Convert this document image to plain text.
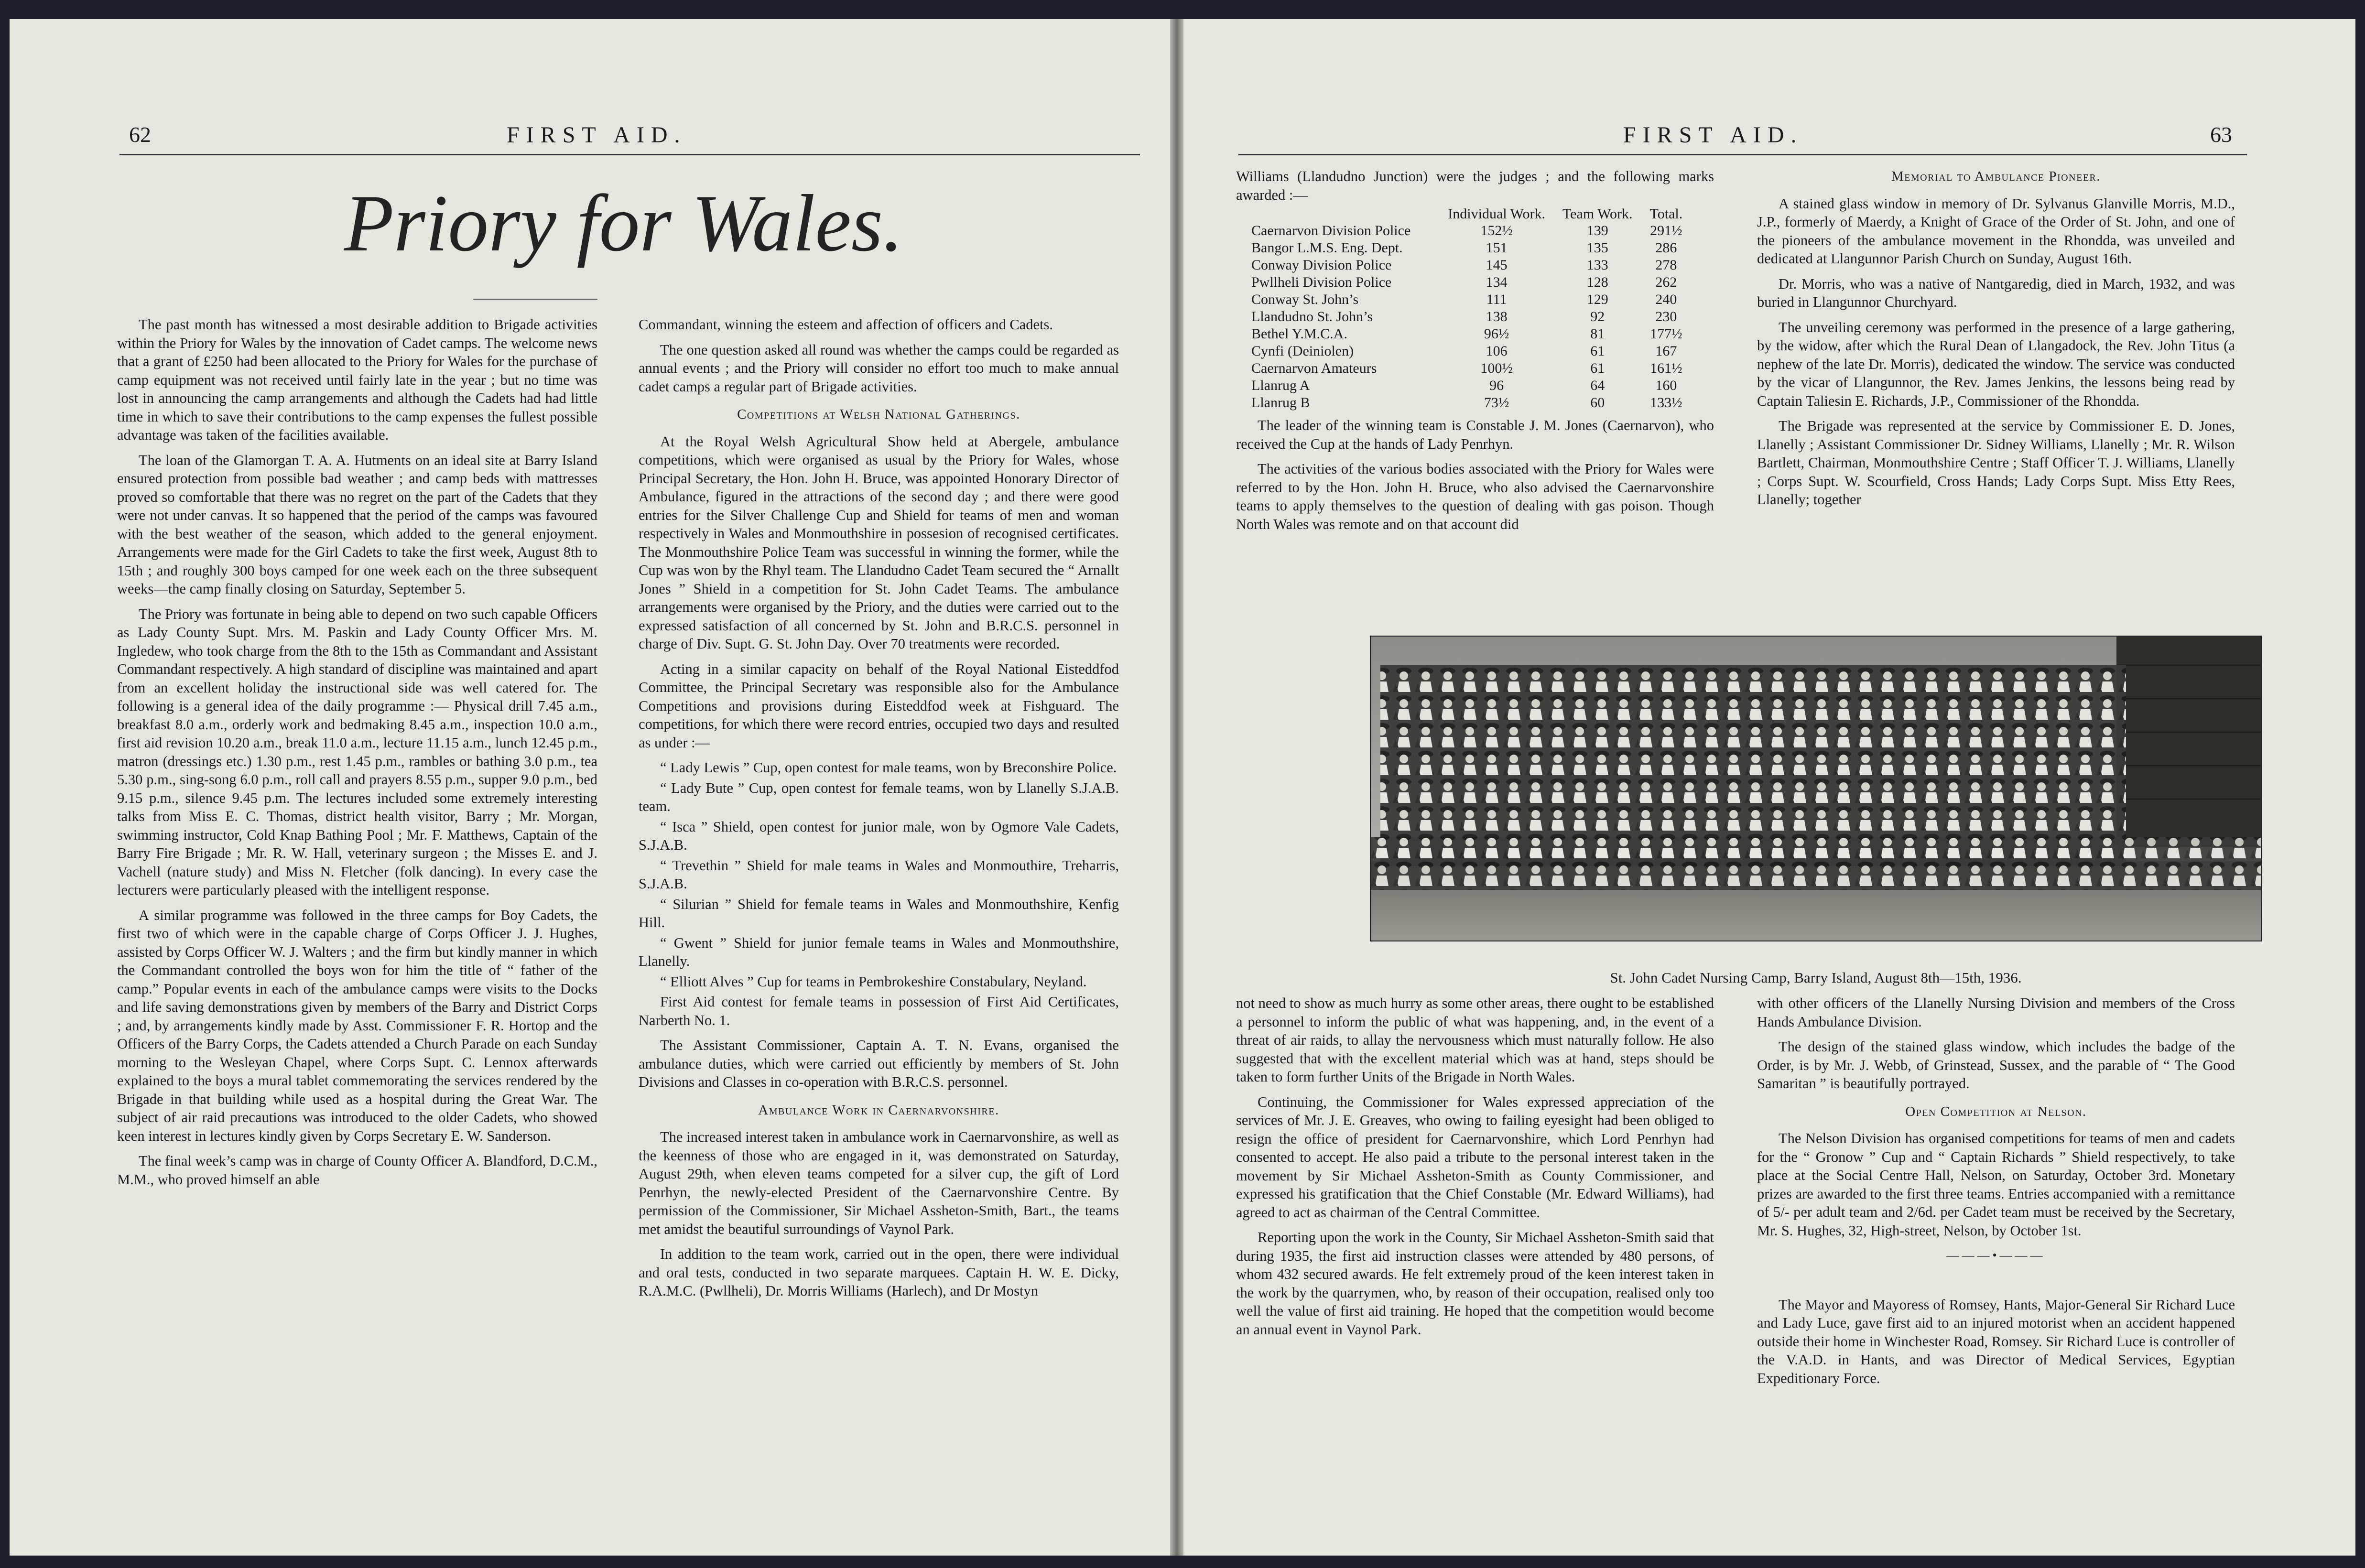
62	FIRST AID.
Priory for Wales.

The past month has witnessed a most desirable addition to Brigade activities within the Priory for Wales by the innovation of Cadet camps. The welcome news that a grant of £250 had been allocated to the Priory for Wales for the purchase of camp equipment was not received until fairly late in the year ; but no time was lost in announcing the camp arrangements and although the Cadets had had little time in which to save their contributions to the camp expenses the fullest possible advantage was taken of the facilities available.

The loan of the Glamorgan T. A. A. Hutments on an ideal site at Barry Island ensured protection from possible bad weather ; and camp beds with mattresses proved so comfortable that there was no regret on the part of the Cadets that they were not under canvas. It so happened that the period of the camps was favoured with the best weather of the season, which added to the general enjoyment. Arrangements were made for the Girl Cadets to take the first week, August 8th to 15th ; and roughly 300 boys camped for one week each on the three subsequent weeks—the camp finally closing on Saturday, September 5.

The Priory was fortunate in being able to depend on two such capable Officers as Lady County Supt. Mrs. M. Paskin and Lady County Officer Mrs. M. Ingledew, who took charge from the 8th to the 15th as Commandant and Assistant Commandant respectively. A high standard of discipline was maintained and apart from an excellent holiday the instructional side was well catered for. The following is a general idea of the daily programme :— Physical drill 7.45 a.m., breakfast 8.0 a.m., orderly work and bedmaking 8.45 a.m., inspection 10.0 a.m., first aid revision 10.20 a.m., break 11.0 a.m., lecture 11.15 a.m., lunch 12.45 p.m., matron (dressings etc.) 1.30 p.m., rest 1.45 p.m., rambles or bathing 3.0 p.m., tea 5.30 p.m., sing-song 6.0 p.m., roll call and prayers 8.55 p.m., supper 9.0 p.m., bed 9.15 p.m., silence 9.45 p.m. The lectures included some extremely interesting talks from Miss E. C. Thomas, district health visitor, Barry ; Mr. Morgan, swimming instructor, Cold Knap Bathing Pool ; Mr. F. Matthews, Captain of the Barry Fire Brigade ; Mr. R. W. Hall, veterinary surgeon ; the Misses E. and J. Vachell (nature study) and Miss N. Fletcher (folk dancing). In every case the lecturers were particularly pleased with the intelligent response.

A similar programme was followed in the three camps for Boy Cadets, the first two of which were in the capable charge of Corps Officer J. J. Hughes, assisted by Corps Officer W. J. Walters ; and the firm but kindly manner in which the Commandant controlled the boys won for him the title of “ father of the camp.” Popular events in each of the ambulance camps were visits to the Docks and life saving demonstrations given by members of the Barry and District Corps ; and, by arrangements kindly made by Asst. Commissioner F. R. Hortop and the Officers of the Barry Corps, the Cadets attended a Church Parade on each Sunday morning to the Wesleyan Chapel, where Corps Supt. C. Lennox afterwards explained to the boys a mural tablet commemorating the services rendered by the Brigade in that building while used as a hospital during the Great War. The subject of air raid precautions was introduced to the older Cadets, who showed keen interest in lectures kindly given by Corps Secretary E. W. Sanderson.

The final week’s camp was in charge of County Officer A. Blandford, D.C.M., M.M., who proved himself an able

Commandant, winning the esteem and affection of officers and Cadets.

The one question asked all round was whether the camps could be regarded as annual events ; and the Priory will consider no effort too much to make annual cadet camps a regular part of Brigade activities.

Competitions at Welsh National Gatherings.

At the Royal Welsh Agricultural Show held at Abergele, ambulance competitions, which were organised as usual by the Priory for Wales, whose Principal Secretary, the Hon. John H. Bruce, was appointed Honorary Director of Ambulance, figured in the attractions of the second day ; and there were good entries for the Silver Challenge Cup and Shield for teams of men and woman respectively in Wales and Monmouthshire in possesion of recognised certificates. The Monmouthshire Police Team was successful in winning the former, while the Cup was won by the Rhyl team. The Llandudno Cadet Team secured the “ Arnallt Jones ” Shield in a competition for St. John Cadet Teams. The ambulance arrangements were organised by the Priory, and the duties were carried out to the expressed satisfaction of all concerned by St. John and B.R.C.S. personnel in charge of Div. Supt. G. St. John Day. Over 70 treatments were recorded.

Acting in a similar capacity on behalf of the Royal National Eisteddfod Committee, the Principal Secretary was responsible also for the Ambulance Competitions and provisions during Eisteddfod week at Fishguard. The competitions, for which there were record entries, occupied two days and resulted as under :—

“ Lady Lewis ” Cup, open contest for male teams, won by Breconshire Police.

“ Lady Bute ” Cup, open contest for female teams, won by Llanelly S.J.A.B. team.

“ Isca ” Shield, open contest for junior male, won by Ogmore Vale Cadets, S.J.A.B.

“ Trevethin ” Shield for male teams in Wales and Monmouthire, Treharris, S.J.A.B.

“ Silurian ” Shield for female teams in Wales and Monmouthshire, Kenfig Hill.

“ Gwent ” Shield for junior female teams in Wales and Monmouthshire, Llanelly.

“ Elliott Alves ” Cup for teams in Pembrokeshire Constabulary, Neyland.

First Aid contest for female teams in possession of First Aid Certificates, Narberth No. 1.

The Assistant Commissioner, Captain A. T. N. Evans, organised the ambulance duties, which were carried out efficiently by members of St. John Divisions and Classes in co-operation with B.R.C.S. personnel.

Ambulance Work in Caernarvonshire.

The increased interest taken in ambulance work in Caernarvonshire, as well as the keenness of those who are engaged in it, was demonstrated on Saturday, August 29th, when eleven teams competed for a silver cup, the gift of Lord Penrhyn, the newly-elected President of the Caernarvonshire Centre. By permission of the Commissioner, Sir Michael Assheton-Smith, Bart., the teams met amidst the beautiful surroundings of Vaynol Park.

In addition to the team work, carried out in the open, there were individual and oral tests, conducted in two separate marquees. Captain H. W. E. Dicky, R.A.M.C. (Pwllheli), Dr. Morris Williams (Harlech), and Dr Mostyn

FIRST AID.	63

Williams (Llandudno Junction) were the judges ; and the following marks awarded :—

	Individual Work.	Team Work.	Total.
Caernarvon Division Police	152½	139	291½
Bangor L.M.S. Eng. Dept.	151	135	286
Conway Division Police	145	133	278
Pwllheli Division Police	134	128	262
Conway St. John’s	111	129	240
Llandudno St. John’s	138	92	230
Bethel Y.M.C.A.	96½	81	177½
Cynfi (Deiniolen)	106	61	167
Caernarvon Amateurs	100½	61	161½
Llanrug A	96	64	160
Llanrug B	73½	60	133½

The leader of the winning team is Constable J. M. Jones (Caernarvon), who received the Cup at the hands of Lady Penrhyn.

The activities of the various bodies associated with the Priory for Wales were referred to by the Hon. John H. Bruce, who also advised the Caernarvonshire teams to apply themselves to the question of dealing with gas poison. Though North Wales was remote and on that account did

Memorial to Ambulance Pioneer.

A stained glass window in memory of Dr. Sylvanus Glanville Morris, M.D., J.P., formerly of Maerdy, a Knight of Grace of the Order of St. John, and one of the pioneers of the ambulance movement in the Rhondda, was unveiled and dedicated at Llangunnor Parish Church on Sunday, August 16th.

Dr. Morris, who was a native of Nantgaredig, died in March, 1932, and was buried in Llangunnor Churchyard.

The unveiling ceremony was performed in the presence of a large gathering, by the widow, after which the Rural Dean of Llangadock, the Rev. John Titus (a nephew of the late Dr. Morris), dedicated the window. The service was conducted by the vicar of Llangunnor, the Rev. James Jenkins, the lessons being read by Captain Taliesin E. Richards, J.P., Commissioner of the Rhondda.

The Brigade was represented at the service by Commissioner E. D. Jones, Llanelly ; Assistant Commissioner Dr. Sidney Williams, Llanelly ; Mr. R. Wilson Bartlett, Chairman, Monmouthshire Centre ; Staff Officer T. J. Williams, Llanelly ; Corps Supt. W. Scourfield, Cross Hands; Lady Corps Supt. Miss Etty Rees, Llanelly; together

St. John Cadet Nursing Camp, Barry Island, August 8th—15th, 1936.

not need to show as much hurry as some other areas, there ought to be established a personnel to inform the public of what was happening, and, in the event of a threat of air raids, to allay the nervousness which must naturally follow. He also suggested that with the excellent material which was at hand, steps should be taken to form further Units of the Brigade in North Wales.

Continuing, the Commissioner for Wales expressed appreciation of the services of Mr. J. E. Greaves, who owing to failing eyesight had been obliged to resign the office of president for Caernarvonshire, which Lord Penrhyn had consented to accept. He also paid a tribute to the personal interest taken in the movement by Sir Michael Assheton-Smith as County Commissioner, and expressed his gratification that the Chief Constable (Mr. Edward Williams), had agreed to act as chairman of the Central Committee.

Reporting upon the work in the County, Sir Michael Assheton-Smith said that during 1935, the first aid instruction classes were attended by 480 persons, of whom 432 secured awards. He felt extremely proud of the keen interest taken in the work by the quarrymen, who, by reason of their occupation, realised only too well the value of first aid training. He hoped that the competition would become an annual event in Vaynol Park.

with other officers of the Llanelly Nursing Division and members of the Cross Hands Ambulance Division.

The design of the stained glass window, which includes the badge of the Order, is by Mr. J. Webb, of Grinstead, Sussex, and the parable of “ The Good Samaritan ” is beautifully portrayed.

Open Competition at Nelson.

The Nelson Division has organised competitions for teams of men and cadets for the “ Gronow ” Cup and “ Captain Richards ” Shield respectively, to take place at the Social Centre Hall, Nelson, on Saturday, October 3rd. Monetary prizes are awarded to the first three teams. Entries accompanied with a remittance of 5/- per adult team and 2/6d. per Cadet team must be received by the Secretary, Mr. S. Hughes, 32, High-street, Nelson, by October 1st.

———•———

The Mayor and Mayoress of Romsey, Hants, Major-General Sir Richard Luce and Lady Luce, gave first aid to an injured motorist when an accident happened outside their home in Winchester Road, Romsey. Sir Richard Luce is controller of the V.A.D. in Hants, and was Director of Medical Services, Egyptian Expeditionary Force.
